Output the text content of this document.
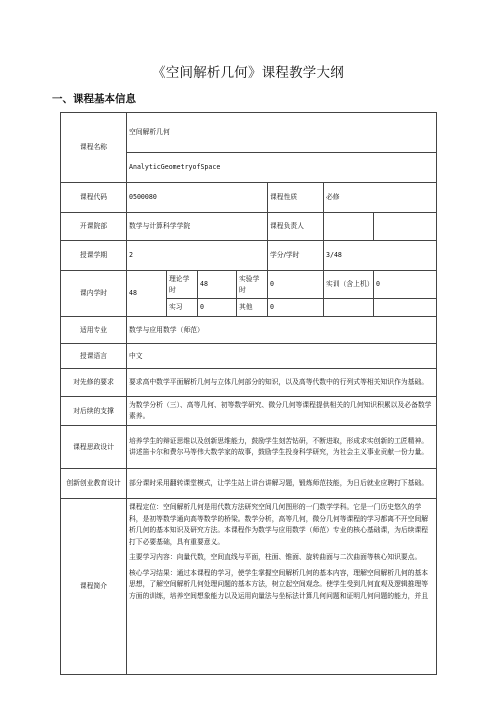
《空间解析几何》课程教学大纲
一、课程基本信息
课程名称	空间解析几何						
	AnalyticGeometryofSpace						
课程代码	0500080				课程性质	必修	
开课院部	数学与计算科学学院				课程负责人		
授课学期	2				学分/学时	3/48	
课内学时	48	理论学时	48	实验学时	0	实训（含上机）	0
		实习	0	其他	0		
适用专业	数学与应用数学（师范）						
授课语言	中文						
对先修的要求	要求高中数学平面解析几何与立体几何部分的知识，以及高等代数中的行列式等相关知识作为基础。						
对后续的支撑	为数学分析（三）、高等几何、初等数学研究、微分几何等课程提供相关的几何知识积累以及必备数学素养。						
课程思政设计	培养学生的辩证思维以及创新思维能力，鼓励学生刻苦钻研，不断进取，形成求实创新的工匠精神。讲述笛卡尔和费尔马等伟大数学家的故事，鼓励学生投身科学研究，为社会主义事业贡献一份力量。						
创新创业教育设计	部分课时采用翻转课堂模式，让学生站上讲台讲解习题，锻炼师范技能，为日后就业应聘打下基础。						
课程简介	课程定位：空间解析几何是用代数方法研究空间几何图形的一门数学学科。它是一门历史悠久的学科，是初等数学通向高等数学的桥梁。数学分析，高等几何，微分几何等课程的学习都离不开空间解析几何的基本知识及研究方法。本课程作为数学与应用数学（师范）专业的核心基础课，为后续课程打下必要基础，具有重要意义。

主要学习内容：向量代数，空间直线与平面，柱面、锥面、旋转曲面与二次曲面等核心知识要点。

核心学习结果：通过本课程的学习，使学生掌握空间解析几何的基本内容，理解空间解析几何的基本思想，了解空间解析几何处理问题的基本方法，树立起空间观念。使学生受到几何直观及逻辑推理等方面的训练，培养空间想象能力以及运用向量法与坐标法计算几何问题和证明几何问题的能力，并且						
